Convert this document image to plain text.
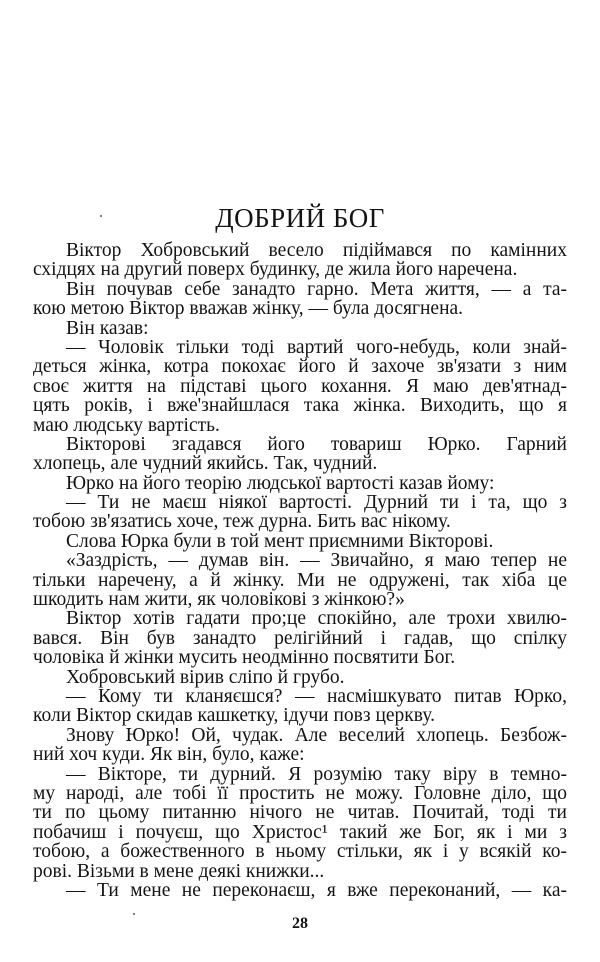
ДОБРИЙ БОГ
Віктор Хобровський весело підіймався по камінних
східцях на другий поверх будинку, де жила його наречена.
Він почував себе занадто гарно. Мета життя, — а та-
кою метою Віктор вважав жінку, — була досягнена.
Він казав:
— Чоловік тільки тоді вартий чого-небудь, коли знай-
деться жінка, котра покохає його й захоче зв'язати з ним
своє життя на підставі цього кохання. Я маю дев'ятнад-
цять років, і вже'знайшлася така жінка. Виходить, що я
маю людську вартість.
Вікторові згадався його товариш Юрко. Гарний
хлопець, але чудний якийсь. Так, чудний.
Юрко на його теорію людської вартості казав йому:
— Ти не маєш ніякої вартості. Дурний ти і та, що з
тобою зв'язатись хоче, теж дурна. Бить вас нікому.
Слова Юрка були в той мент приємними Вікторові.
«Заздрість, — думав він. — Звичайно, я маю тепер не
тільки наречену, а й жінку. Ми не одружені, так хіба це
шкодить нам жити, як чоловікові з жінкою?»
Віктор хотів гадати про;це спокійно, але трохи хвилю-
вався. Він був занадто релігійний і гадав, що спілку
чоловіка й жінки мусить неодмінно посвятити Бог.
Хобровський вірив сліпо й грубо.
— Кому ти кланяєшся? — насмішкувато питав Юрко,
коли Віктор скидав кашкетку, ідучи повз церкву.
Знову Юрко! Ой, чудак. Але веселий хлопець. Безбож-
ний хоч куди. Як він, було, каже:
— Вікторе, ти дурний. Я розумію таку віру в темно-
му народі, але тобі її простить не можу. Головне діло, що
ти по цьому питанню нічого не читав. Почитай, тоді ти
побачиш і почуєш, що Христос¹ такий же Бог, як і ми з
тобою, а божественного в ньому стільки, як і у всякій ко-
рові. Візьми в мене деякі книжки...
— Ти мене не переконаєш, я вже переконаний, — ка-
28
